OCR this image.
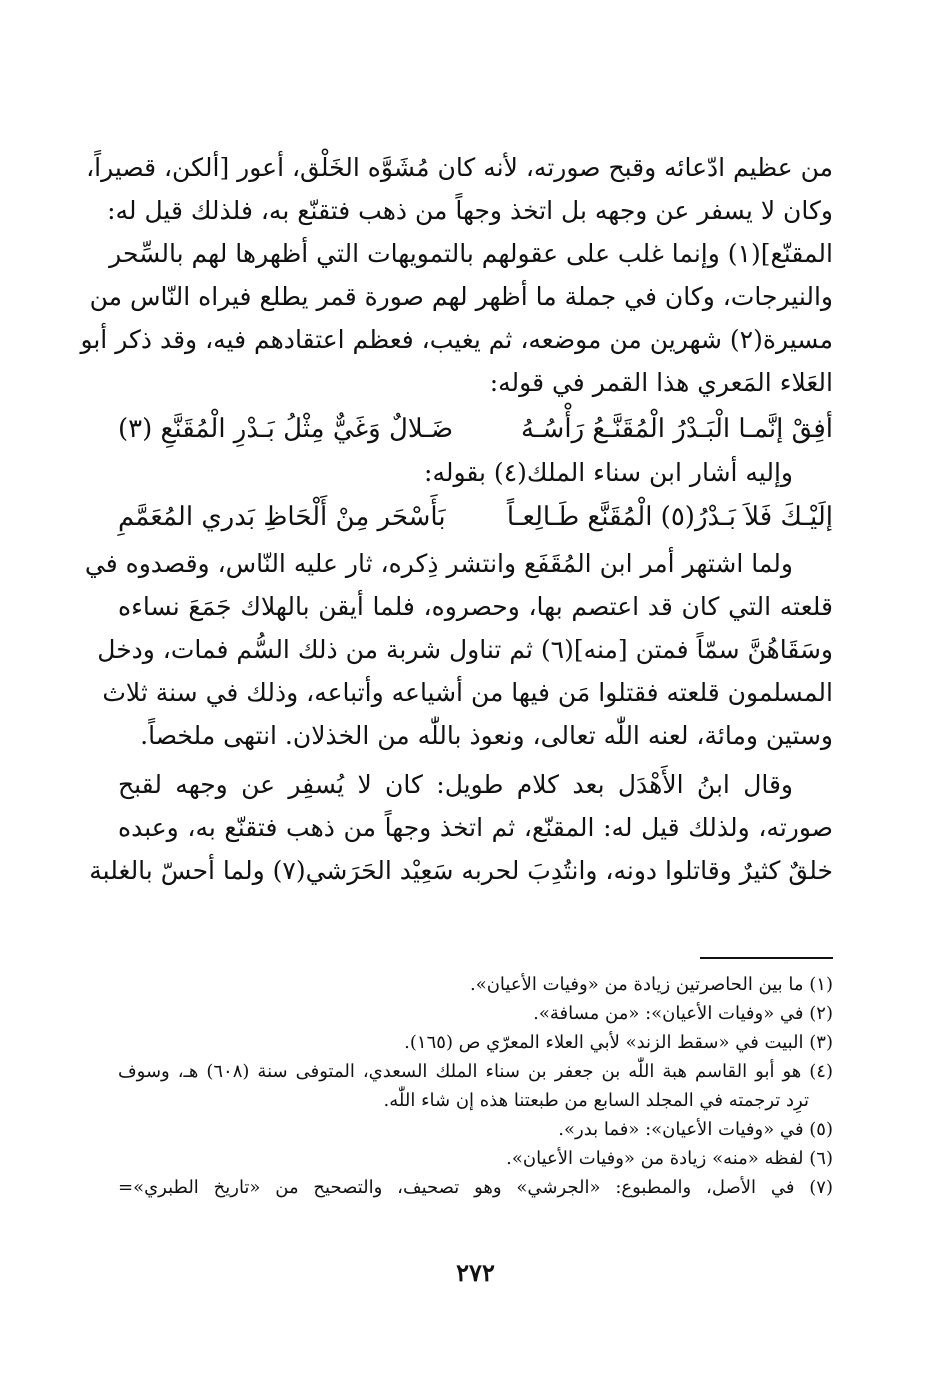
من عظيم ادّعائه وقبح صورته، لأنه كان مُشَوَّه الخَلْق، أعور [ألكن، قصيراً،
وكان لا يسفر عن وجهه بل اتخذ وجهاً من ذهب فتقنّع به، فلذلك قيل له:
المقنّع](١) وإنما غلب على عقولهم بالتمويهات التي أظهرها لهم بالسِّحر
والنيرجات، وكان في جملة ما أظهر لهم صورة قمر يطلع فيراه النّاس من
مسيرة(٢) شهرين من موضعه، ثم يغيب، فعظم اعتقادهم فيه، وقد ذكر أبو
العَلاء المَعري هذا القمر في قوله:
أفِقْ إنَّمـا الْبَـدْرُ الْمُقَنَّـعُ رَأْسُـهُ
ضَـلالٌ وَغَيٌّ مِثْلُ بَـدْرِ الْمُقَنَّعِ (٣)
وإليه أشار ابن سناء الملك(٤) بقوله:
إلَيْـكَ فَلاَ بَـدْرُ(٥) الْمُقَنَّع طَـالِعـاً
بَأَسْحَر مِنْ أَلْحَاظِ بَدري المُعَمَّمِ
ولما اشتهر أمر ابن المُقَفَع وانتشر ذِكره، ثار عليه النّاس، وقصدوه في
قلعته التي كان قد اعتصم بها، وحصروه، فلما أيقن بالهلاك جَمَعَ نساءه
وسَقَاهُنَّ سمّاً فمتن [منه](٦) ثم تناول شربة من ذلك السُّم فمات، ودخل
المسلمون قلعته فقتلوا مَن فيها من أشياعه وأتباعه، وذلك في سنة ثلاث
وستين ومائة، لعنه اللّٰه تعالى، ونعوذ باللّٰه من الخذلان. انتهى ملخصاً.
وقال ابنُ الأَهْدَل بعد كلام طويل: كان لا يُسفِر عن وجهه لقبح
صورته، ولذلك قيل له: المقنّع، ثم اتخذ وجهاً من ذهب فتقنّع به، وعبده
خلقٌ كثيرٌ وقاتلوا دونه، وانتُدِبَ لحربه سَعِيْد الحَرَشي(٧) ولما أحسّ بالغلبة
(١) ما بين الحاصرتين زيادة من «وفيات الأعيان».
(٢) في «وفيات الأعيان»: «من مسافة».
(٣) البيت في «سقط الزند» لأبي العلاء المعرّي ص (١٦٥).
(٤) هو أبو القاسم هبة اللّٰه بن جعفر بن سناء الملك السعدي، المتوفى سنة (٦٠٨) هـ، وسوف
ترِد ترجمته في المجلد السابع من طبعتنا هذه إن شاء اللّٰه.
(٥) في «وفيات الأعيان»: «فما بدر».
(٦) لفظه «منه» زيادة من «وفيات الأعيان».
(٧) في الأصل، والمطبوع: «الجرشي» وهو تصحيف، والتصحيح من «تاريخ الطبري»=
٢٧٢
